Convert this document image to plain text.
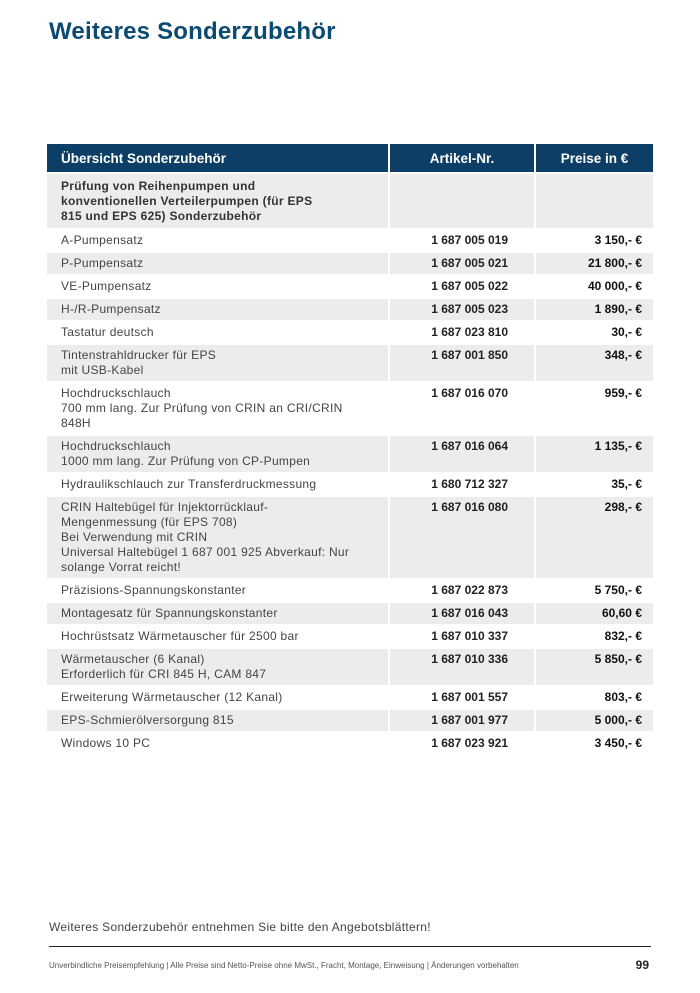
Weiteres Sonderzubehör
Übersicht Sonderzubehör	Artikel-Nr.	Preise in €
Prüfung von Reihenpumpen und konventionellen Verteilerpumpen (für EPS 815 und EPS 625) Sonderzubehör		
A-Pumpensatz	1 687 005 019	3 150,- €
P-Pumpensatz	1 687 005 021	21 800,- €
VE-Pumpensatz	1 687 005 022	40 000,- €
H-/R-Pumpensatz	1 687 005 023	1 890,- €
Tastatur deutsch	1 687 023 810	30,- €
Tintenstrahldrucker für EPS
mit USB-Kabel	1 687 001 850	348,- €
Hochdruckschlauch
700 mm lang. Zur Prüfung von CRIN an CRI/CRIN 848H	1 687 016 070	959,- €
Hochdruckschlauch
1000 mm lang. Zur Prüfung von CP-Pumpen	1 687 016 064	1 135,- €
Hydraulikschlauch zur Transferdruckmessung	1 680 712 327	35,- €
CRIN Haltebügel für Injektorrücklauf-
Mengenmessung (für EPS 708)
Bei Verwendung mit CRIN
Universal Haltebügel 1 687 001 925 Abverkauf: Nur
solange Vorrat reicht!	1 687 016 080	298,- €
Präzisions-Spannungskonstanter	1 687 022 873	5 750,- €
Montagesatz für Spannungskonstanter	1 687 016 043	60,60 €
Hochrüstsatz Wärmetauscher für 2500 bar	1 687 010 337	832,- €
Wärmetauscher (6 Kanal)
Erforderlich für CRI 845 H, CAM 847	1 687 010 336	5 850,- €
Erweiterung Wärmetauscher (12 Kanal)	1 687 001 557	803,- €
EPS-Schmierölversorgung 815	1 687 001 977	5 000,- €
Windows 10 PC	1 687 023 921	3 450,- €
Weiteres Sonderzubehör entnehmen Sie bitte den Angebotsblättern!
Unverbindliche Preisempfehlung | Alle Preise sind Netto-Preise ohne MwSt., Fracht, Montage, Einweisung | Änderungen vorbehalten	99
